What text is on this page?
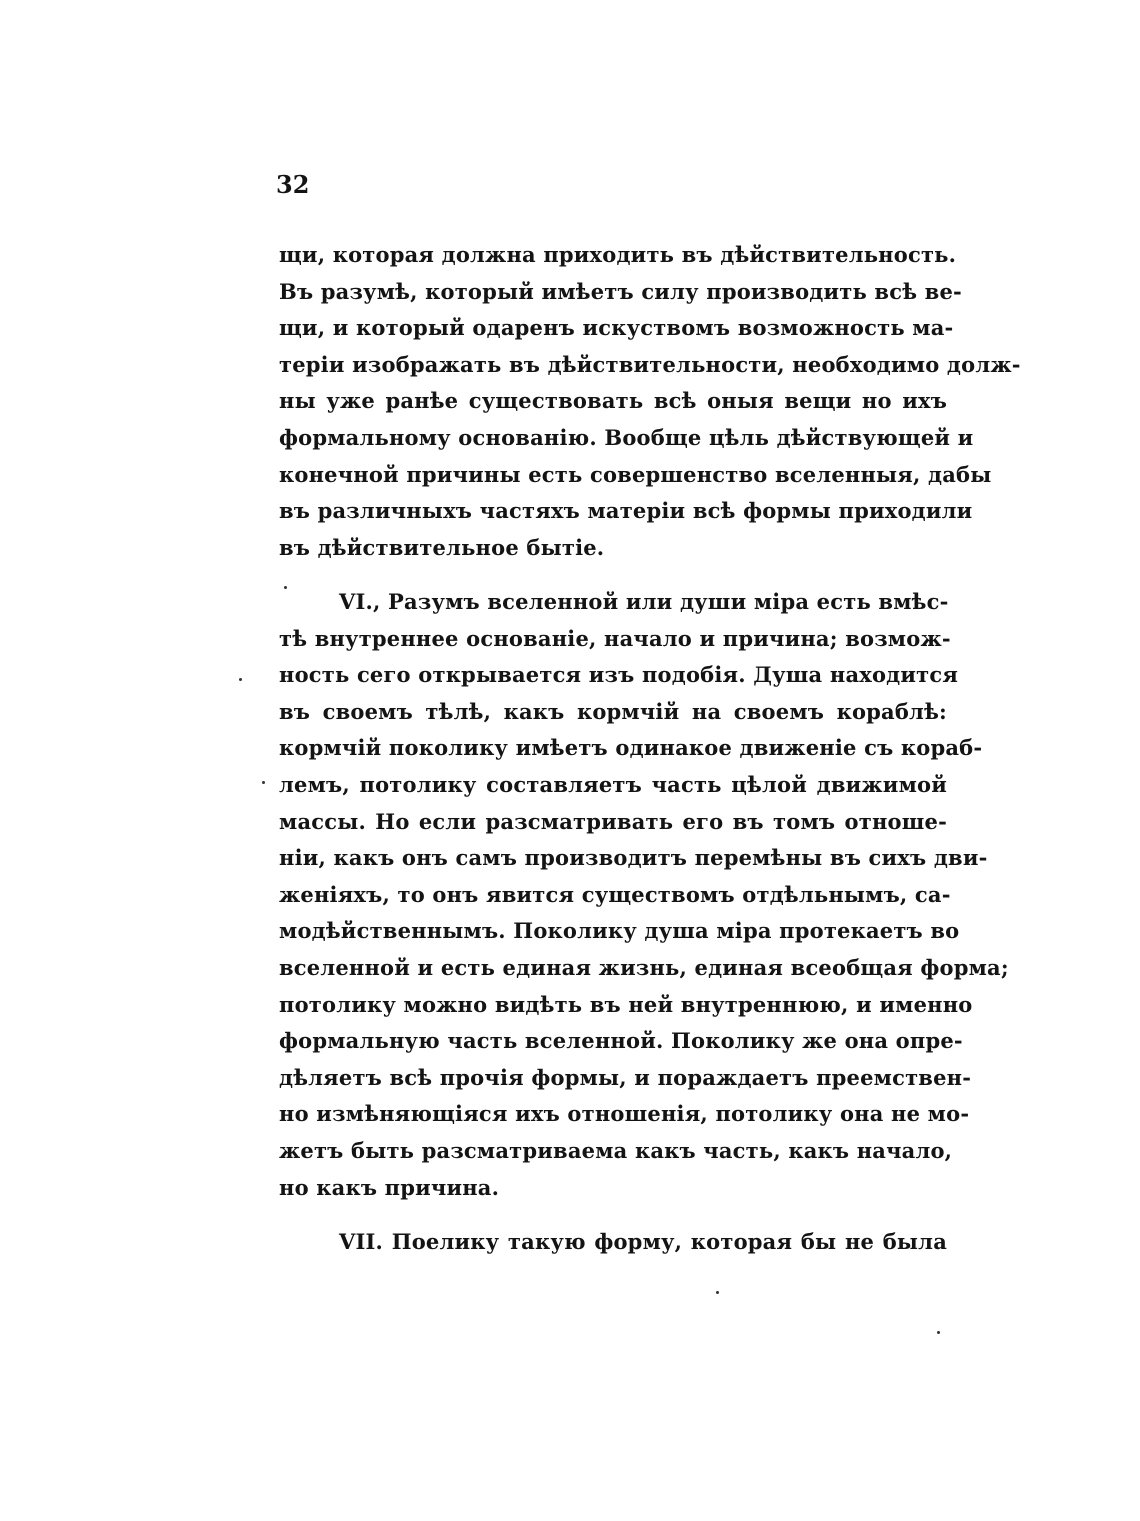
32
щи, которая должна приходить въ дѣйствительность.
Въ разумѣ, который имѣетъ силу производить всѣ ве-
щи, и который одаренъ искуствомъ возможность ма-
терiи изображать въ дѣйствительности, необходимо долж-
ны уже ранѣе существовать всѣ оныя вещи но ихъ
формальному основанiю. Вообще цѣль дѣйствующей и
конечной причины есть совершенство вселенныя, дабы
въ различныхъ частяхъ матерiи всѣ формы приходили
въ дѣйствительное бытiе.
VI., Разумъ вселенной или души мiра есть вмѣс-
тѣ внутреннее основанiе, начало и причина; возмож-
ность сего открывается изъ подобiя. Душа находится
въ своемъ тѣлѣ, какъ кормчiй на своемъ кораблѣ:
кормчiй поколику имѣетъ одинакое движенiе съ кораб-
лемъ, потолику составляетъ часть цѣлой движимой
массы. Но если разсматривать его въ томъ отноше-
нiи, какъ онъ самъ производитъ перемѣны въ сихъ дви-
женiяхъ, то онъ явится существомъ отдѣльнымъ, са-
модѣйственнымъ. Поколику душа мiра протекаетъ во
вселенной и есть единая жизнь, единая всеобщая форма;
потолику можно видѣть въ ней внутреннюю, и именно
формальную часть вселенной. Поколику же она опре-
дѣляетъ всѣ прочiя формы, и пораждаетъ преемствен-
но измѣняющiяся ихъ отношенiя, потолику она не мо-
жетъ быть разсматриваема какъ часть, какъ начало,
но какъ причина.
VII. Поелику такую форму, которая бы не была
